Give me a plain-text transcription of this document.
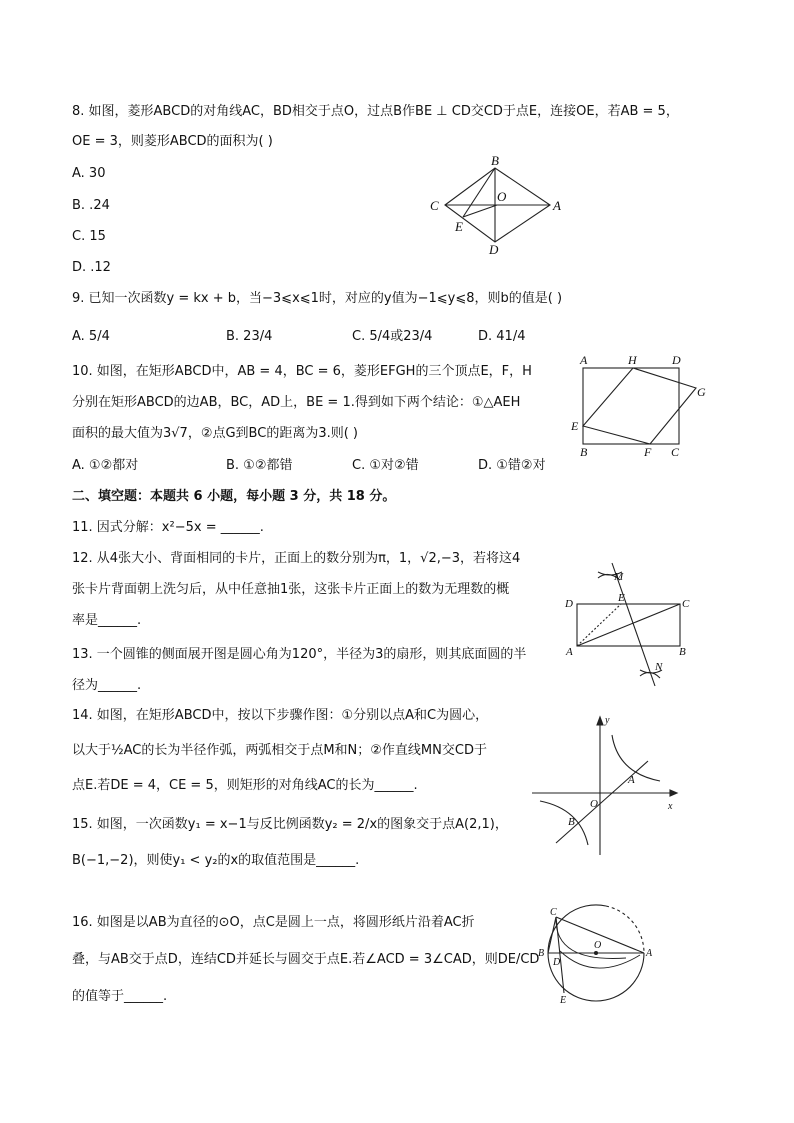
8. 如图，菱形ABCD的对角线AC，BD相交于点O，过点B作BE ⊥ CD交CD于点E，连接OE，若AB = 5，
OE = 3，则菱形ABCD的面积为( )
A. 30
B. .24
C. 15
D. .12
B
O
C	A
E
D
9. 已知一次函数y = kx + b，当−3⩽x⩽1时，对应的y值为−1⩽y⩽8，则b的值是( )
A. 5/4	B. 23/4	C. 5/4或23/4	D. 41/4
10. 如图，在矩形ABCD中，AB = 4，BC = 6，菱形EFGH的三个顶点E，F，H
分别在矩形ABCD的边AB，BC，AD上，BE = 1.得到如下两个结论：①△AEH
面积的最大值为3√7，②点G到BC的距离为3.则( )
A. ①②都对	B. ①②都错	C. ①对②错	D. ①错②对
A	H	D
G
E
B	F C
二、填空题：本题共 6 小题，每小题 3 分，共 18 分。
11. 因式分解：x²−5x = ______.
12. 从4张大小、背面相同的卡片，正面上的数分别为π，1，√2,−3，若将这4
张卡片背面朝上洗匀后，从中任意抽1张，这张卡片正面上的数为无理数的概
率是______.
M
D	E	C
A	B
N
13. 一个圆锥的侧面展开图是圆心角为120°，半径为3的扇形，则其底面圆的半
径为______.
14. 如图，在矩形ABCD中，按以下步骤作图：①分别以点A和C为圆心，
以大于½AC的长为半径作弧，两弧相交于点M和N；②作直线MN交CD于
点E.若DE = 4，CE = 5，则矩形的对角线AC的长为______.
y
x
O
A
B
15. 如图，一次函数y₁ = x−1与反比例函数y₂ = 2/x的图象交于点A(2,1)，
B(−1,−2)，则使y₁ < y₂的x的取值范围是______.
16. 如图是以AB为直径的⊙O，点C是圆上一点，将圆形纸片沿着AC折
叠，与AB交于点D，连结CD并延长与圆交于点E.若∠ACD = 3∠CAD，则DE/CD
的值等于______.
C
B
D
O
A
E
